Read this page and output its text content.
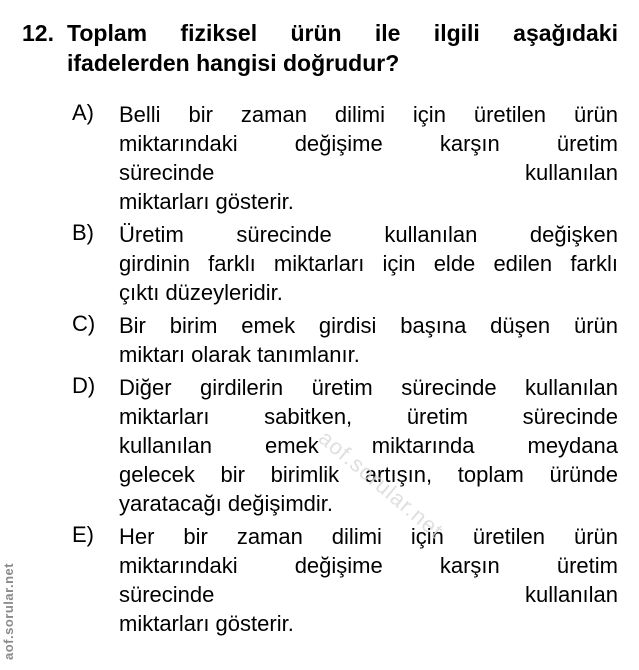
12. Toplam fiziksel ürün ile ilgili aşağıdaki
ifadelerden hangisi doğrudur?
A)	Belli bir zaman dilimi için üretilen ürün
miktarındaki değişime karşın üretim
sürecinde kullanılan
miktarları gösterir.
B)	Üretim sürecinde kullanılan değişken
girdinin farklı miktarları için elde edilen farklı
çıktı düzeyleridir.
C)	Bir birim emek girdisi başına düşen ürün
miktarı olarak tanımlanır.
D)	Diğer girdilerin üretim sürecinde kullanılan
miktarları sabitken, üretim sürecinde
kullanılan emek miktarında meydana
gelecek bir birimlik artışın, toplam üründe
yaratacağı değişimdir.
E)	Her bir zaman dilimi için üretilen ürün
miktarındaki değişime karşın üretim
sürecinde kullanılan
miktarları gösterir.
aof.sorular.net
aof.sorular.net
